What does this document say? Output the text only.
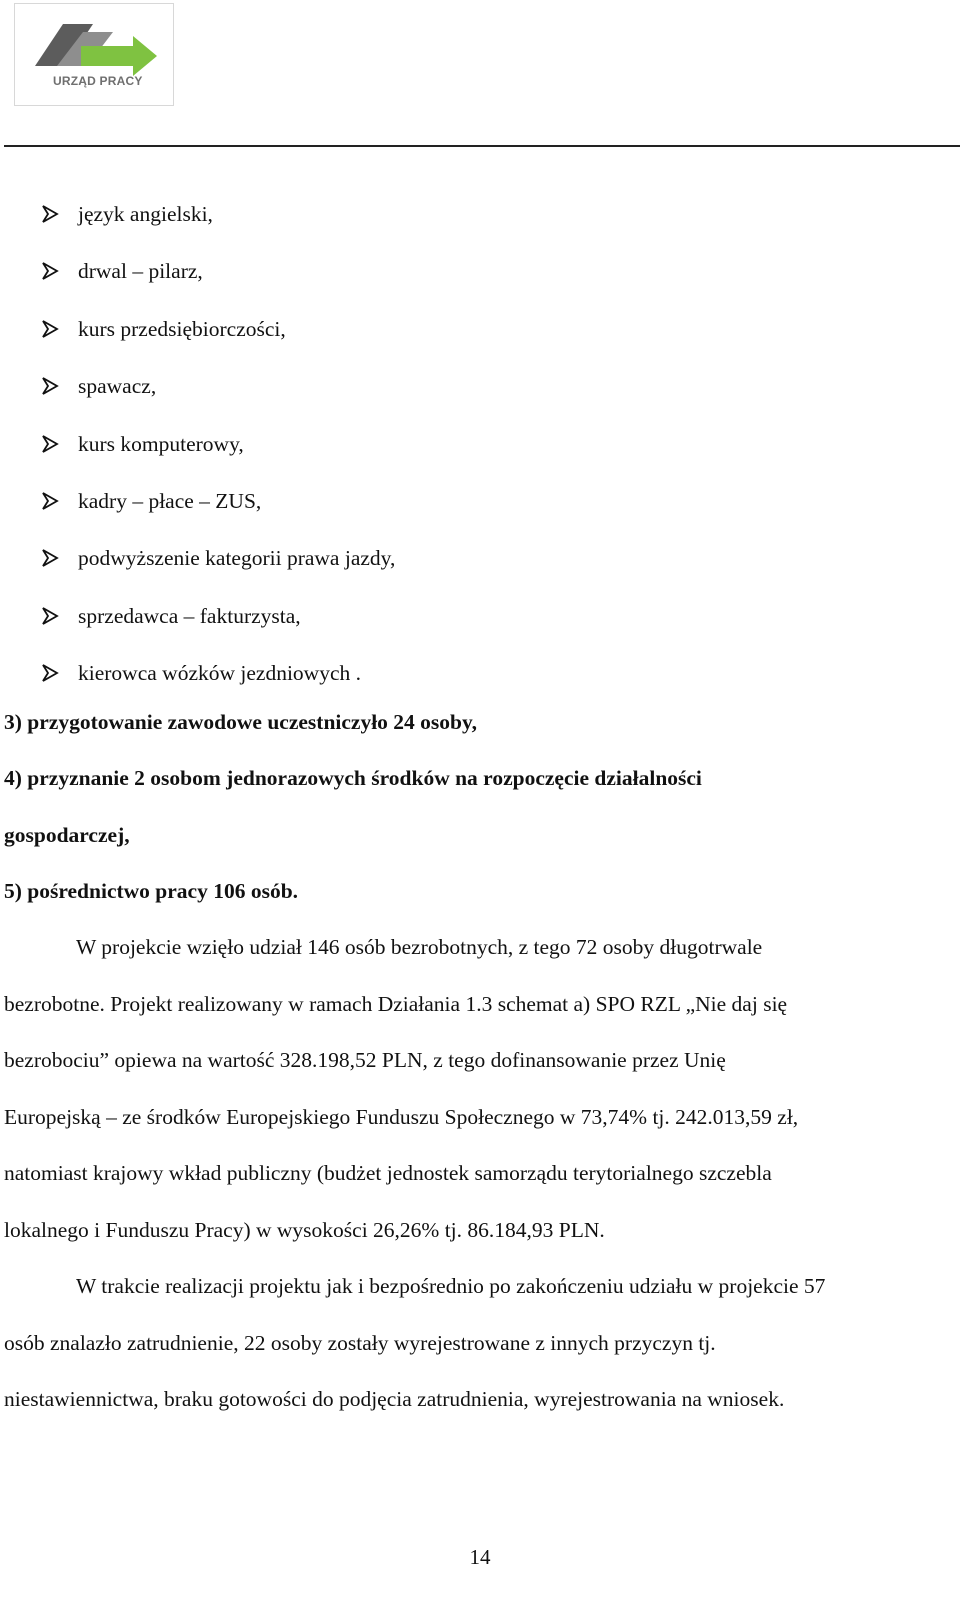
URZĄD PRACY
język angielski,
drwal – pilarz,
kurs przedsiębiorczości,
spawacz,
kurs komputerowy,
kadry – płace – ZUS,
podwyższenie kategorii prawa jazdy,
sprzedawca – fakturzysta,
kierowca wózków jezdniowych .
3) przygotowanie zawodowe uczestniczyło 24 osoby,
4) przyznanie 2 osobom jednorazowych środków na rozpoczęcie działalności
gospodarczej,
5) pośrednictwo pracy 106 osób.
W projekcie wzięło udział 146 osób bezrobotnych, z tego 72 osoby długotrwale
bezrobotne. Projekt realizowany w ramach Działania 1.3 schemat a) SPO RZL „Nie daj się
bezrobociu” opiewa na wartość 328.198,52 PLN, z tego dofinansowanie przez Unię
Europejską – ze środków Europejskiego Funduszu Społecznego w 73,74% tj. 242.013,59 zł,
natomiast krajowy wkład publiczny (budżet jednostek samorządu terytorialnego szczebla
lokalnego i Funduszu Pracy) w wysokości 26,26% tj. 86.184,93 PLN.
W trakcie realizacji projektu jak i bezpośrednio po zakończeniu udziału w projekcie 57
osób znalazło zatrudnienie, 22 osoby zostały wyrejestrowane z innych przyczyn tj.
niestawiennictwa, braku gotowości do podjęcia zatrudnienia, wyrejestrowania na wniosek.
14
